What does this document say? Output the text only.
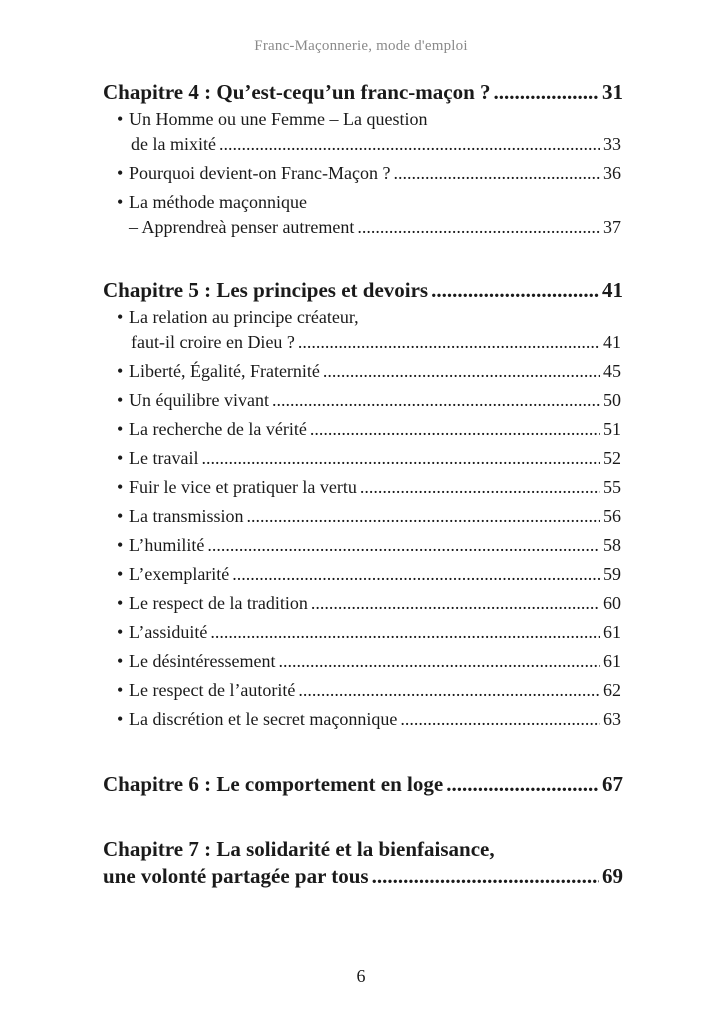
Franc-Maçonnerie, mode d'emploi
Chapitre 4 : Qu’est-cequ’un franc-maçon ? .....	31
• Un Homme ou une Femme – La question
de la mixité .....	33
• Pourquoi devient-on Franc-Maçon ? .....	36
• La méthode maçonnique
– Apprendreà penser autrement .....	37
Chapitre 5 : Les principes et devoirs .....	41
• La relation au principe créateur,
faut-il croire en Dieu ? .....	41
• Liberté, Égalité, Fraternité .....	45
• Un équilibre vivant .....	50
• La recherche de la vérité .....	51
• Le travail .....	52
• Fuir le vice et pratiquer la vertu .....	55
• La transmission .....	56
• L’humilité .....	58
• L’exemplarité .....	59
• Le respect de la tradition .....	60
• L’assiduité .....	61
• Le désintéressement .....	61
• Le respect de l’autorité .....	62
• La discrétion et le secret maçonnique .....	63
Chapitre 6 : Le comportement en loge .....	67
Chapitre 7 : La solidarité et la bienfaisance,
une volonté partagée par tous .....	69
6
